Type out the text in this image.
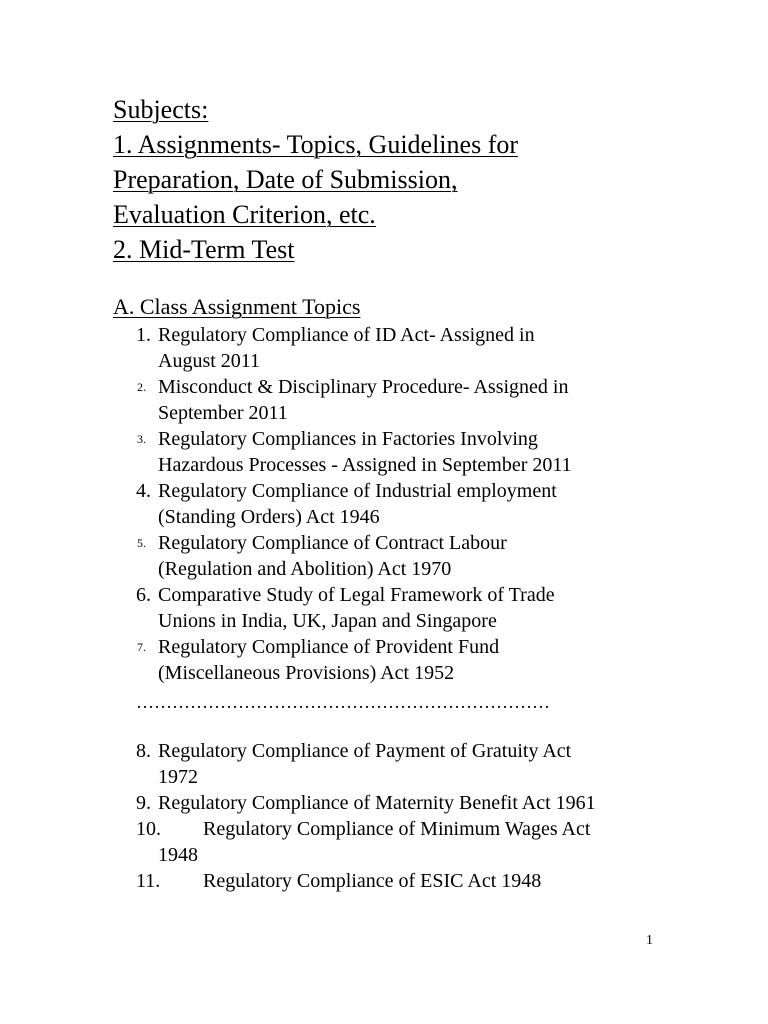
Subjects:
1. Assignments- Topics, Guidelines for
Preparation, Date of Submission,
Evaluation Criterion, etc.
2. Mid-Term Test
A. Class Assignment Topics
1. Regulatory Compliance of ID Act- Assigned in
August 2011
2. Misconduct & Disciplinary Procedure- Assigned in
September 2011
3. Regulatory Compliances in Factories Involving
Hazardous Processes - Assigned in September 2011
4. Regulatory Compliance of Industrial employment
(Standing Orders) Act 1946
5. Regulatory Compliance of Contract Labour
(Regulation and Abolition) Act 1970
6. Comparative Study of Legal Framework of Trade
Unions in India, UK, Japan and Singapore
7. Regulatory Compliance of Provident Fund
(Miscellaneous Provisions) Act 1952
8. Regulatory Compliance of Payment of Gratuity Act
1972
9. Regulatory Compliance of Maternity Benefit Act 1961
10. Regulatory Compliance of Minimum Wages Act
1948
11. Regulatory Compliance of ESIC Act 1948
……………………………………………………………
1
